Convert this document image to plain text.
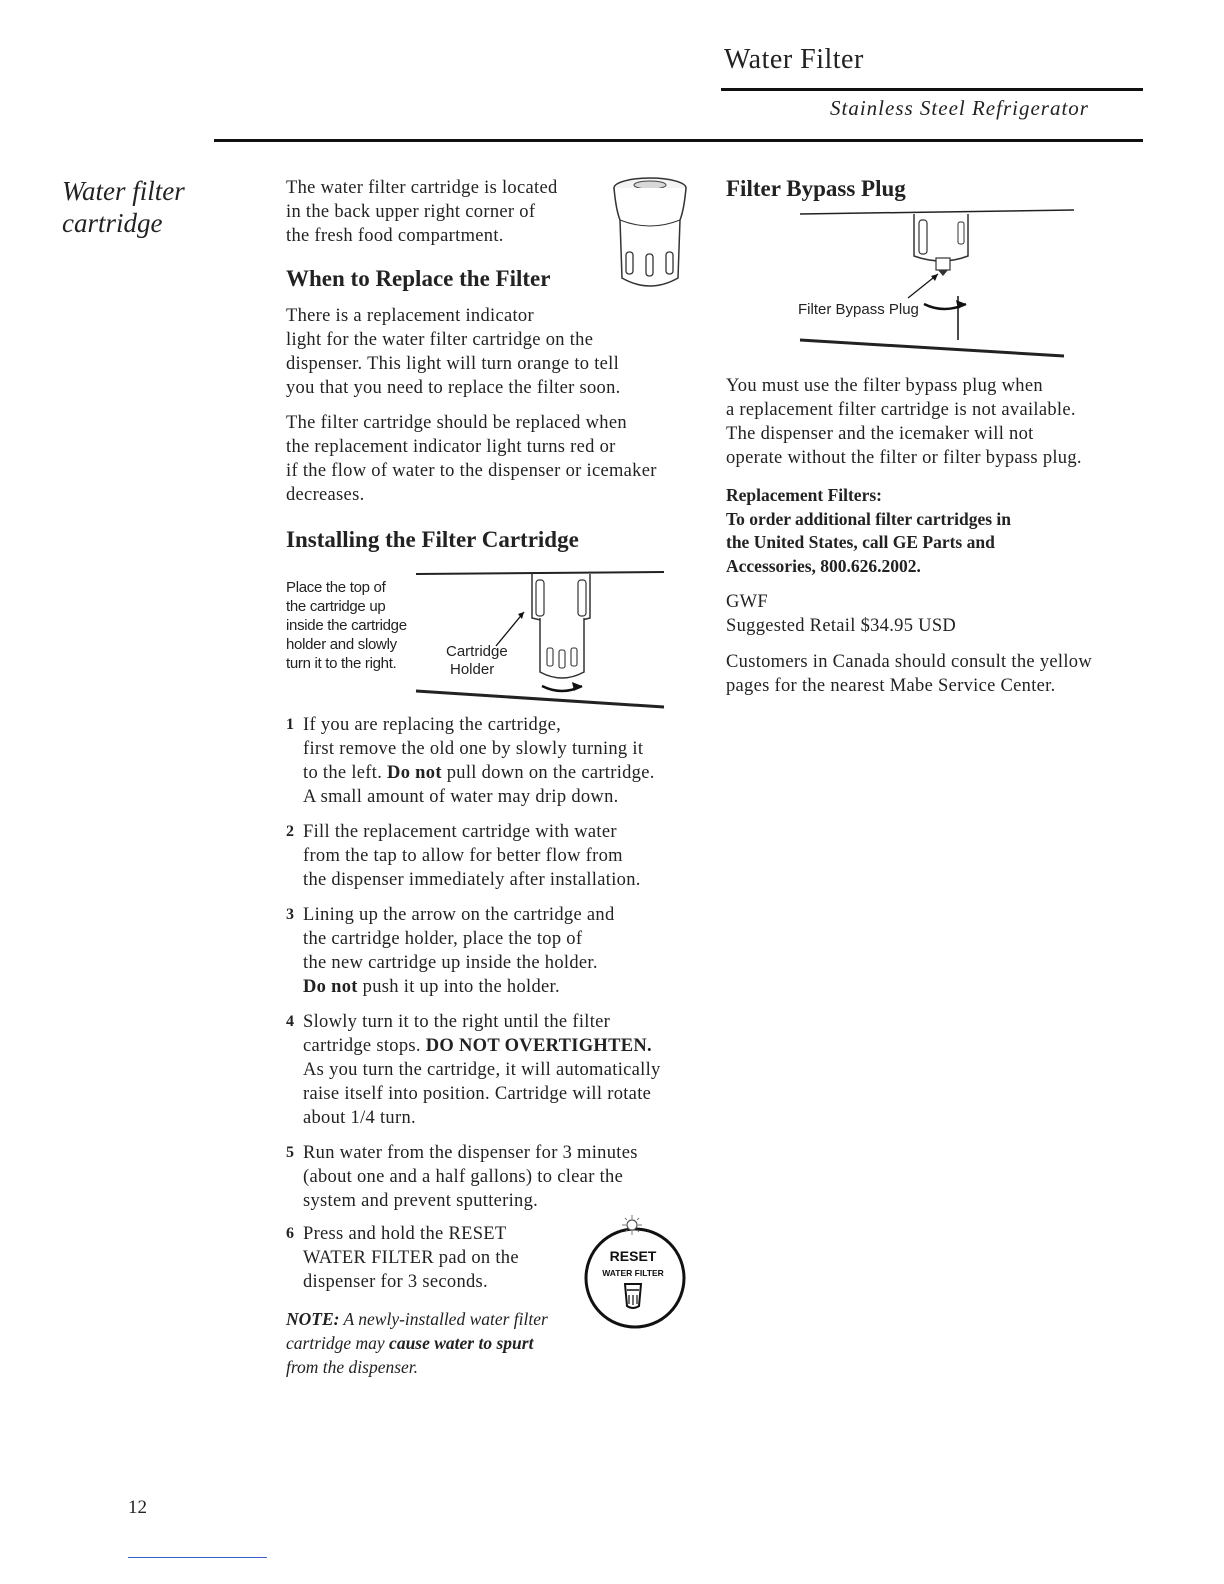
Water Filter
Stainless Steel Refrigerator
Water filter cartridge
The water filter cartridge is located
in the back upper right corner of
the fresh food compartment.
When to Replace the Filter
There is a replacement indicator
light for the water filter cartridge on the
dispenser. This light will turn orange to tell
you that you need to replace the filter soon.
The filter cartridge should be replaced when
the replacement indicator light turns red or
if the flow of water to the dispenser or icemaker
decreases.
Installing the Filter Cartridge
Place the top of
the cartridge up
inside the cartridge
holder and slowly
turn it to the right.
Cartridge
Holder
1 If you are replacing the cartridge,
first remove the old one by slowly turning it
to the left. Do not pull down on the cartridge.
A small amount of water may drip down.
2 Fill the replacement cartridge with water
from the tap to allow for better flow from
the dispenser immediately after installation.
3 Lining up the arrow on the cartridge and
the cartridge holder, place the top of
the new cartridge up inside the holder.
Do not push it up into the holder.
4 Slowly turn it to the right until the filter
cartridge stops. DO NOT OVERTIGHTEN.
As you turn the cartridge, it will automatically
raise itself into position. Cartridge will rotate
about 1/4 turn.
5 Run water from the dispenser for 3 minutes
(about one and a half gallons) to clear the
system and prevent sputtering.
6 Press and hold the RESET
WATER FILTER pad on the
dispenser for 3 seconds.
RESET
WATER FILTER
NOTE: A newly-installed water filter
cartridge may cause water to spurt
from the dispenser.
Filter Bypass Plug
Filter Bypass Plug
You must use the filter bypass plug when
a replacement filter cartridge is not available.
The dispenser and the icemaker will not
operate without the filter or filter bypass plug.
Replacement Filters:
To order additional filter cartridges in
the United States, call GE Parts and
Accessories, 800.626.2002.
GWF
Suggested Retail $34.95 USD
Customers in Canada should consult the yellow
pages for the nearest Mabe Service Center.
12
